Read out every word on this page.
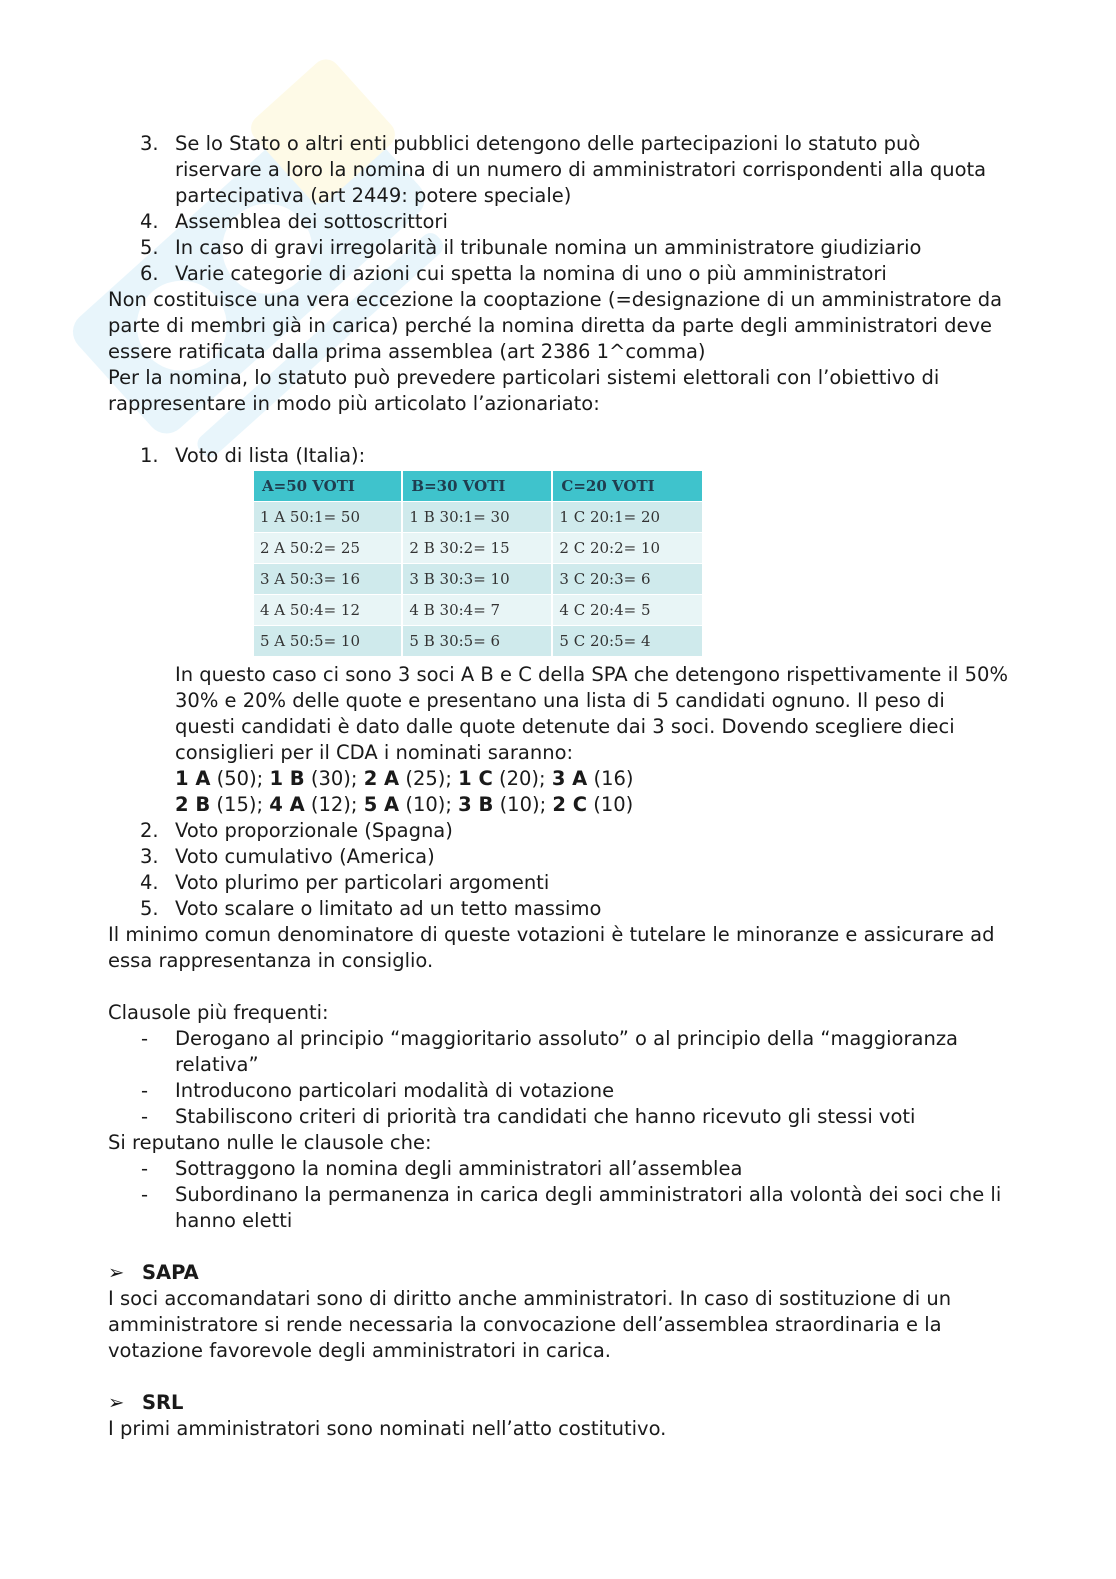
3. Se lo Stato o altri enti pubblici detengono delle partecipazioni lo statuto può riservare a loro la nomina di un numero di amministratori corrispondenti alla quota partecipativa (art 2449: potere speciale)
4. Assemblea dei sottoscrittori
5. In caso di gravi irregolarità il tribunale nomina un amministratore giudiziario
6. Varie categorie di azioni cui spetta la nomina di uno o più amministratori

Non costituisce una vera eccezione la cooptazione (=designazione di un amministratore da parte di membri già in carica) perché la nomina diretta da parte degli amministratori deve essere ratificata dalla prima assemblea (art 2386 1^comma)

Per la nomina, lo statuto può prevedere particolari sistemi elettorali con l’obiettivo di rappresentare in modo più articolato l’azionariato:

1. Voto di lista (Italia):
A=50 VOTI	B=30 VOTI	C=20 VOTI
1 A 50:1= 50	1 B 30:1= 30	1 C 20:1= 20
2 A 50:2= 25	2 B 30:2= 15	2 C 20:2= 10
3 A 50:3= 16	3 B 30:3= 10	3 C 20:3= 6
4 A 50:4= 12	4 B 30:4= 7	4 C 20:4= 5
5 A 50:5= 10	5 B 30:5= 6	5 C 20:5= 4

In questo caso ci sono 3 soci A B e C della SPA che detengono rispettivamente il 50% 30% e 20% delle quote e presentano una lista di 5 candidati ognuno. Il peso di questi candidati è dato dalle quote detenute dai 3 soci. Dovendo scegliere dieci consiglieri per il CDA i nominati saranno:

1 A (50); 1 B (30); 2 A (25); 1 C (20); 3 A (16)

2 B (15); 4 A (12); 5 A (10); 3 B (10); 2 C (10)

2. Voto proporzionale (Spagna)
3. Voto cumulativo (America)
4. Voto plurimo per particolari argomenti
5. Voto scalare o limitato ad un tetto massimo

Il minimo comun denominatore di queste votazioni è tutelare le minoranze e assicurare ad essa rappresentanza in consiglio.

Clausole più frequenti:

- Derogano al principio “maggioritario assoluto” o al principio della “maggioranza relativa”
- Introducono particolari modalità di votazione
- Stabiliscono criteri di priorità tra candidati che hanno ricevuto gli stessi voti

Si reputano nulle le clausole che:

- Sottraggono la nomina degli amministratori all’assemblea
- Subordinano la permanenza in carica degli amministratori alla volontà dei soci che li hanno eletti
➢ SAPA

I soci accomandatari sono di diritto anche amministratori. In caso di sostituzione di un amministratore si rende necessaria la convocazione dell’assemblea straordinaria e la votazione favorevole degli amministratori in carica.

➢ SRL

I primi amministratori sono nominati nell’atto costitutivo.
